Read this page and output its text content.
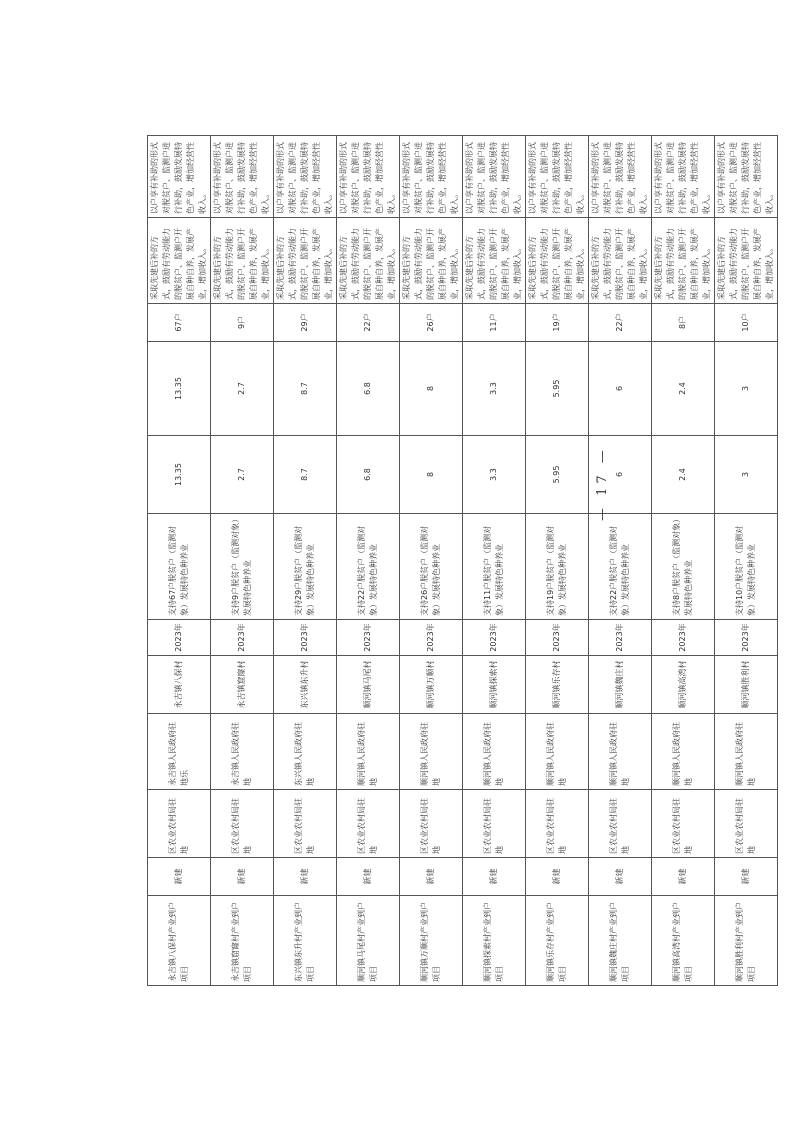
永吉镇八保村产业到户项目	新建	区农业农村局驻地	永吉镇人民政府驻地乐	永吉镇八保村	2023年	支持67户脱贫户（监测对象）发展特色种养业	13.35	13.35	67户	采取先建后补的方式，鼓励有劳动能力的脱贫户、监测户开展自种自养，发展产业，增加收入。	以户享有补助的形式对脱贫户、监测户进行补助，鼓励发展特色产业，增加经营性收入。
永吉镇窟窿村产业到户项目	新建	区农业农村局驻地	永吉镇人民政府驻地	永吉镇窟窿村	2023年	支持9户脱贫户（监测对象）发展特色种养业	2.7	2.7	9户	采取先建后补的方式，鼓励有劳动能力的脱贫户、监测户开展自种自养，发展产业，增加收入。	以户享有补助的形式对脱贫户、监测户进行补助，鼓励发展特色产业，增加经营性收入。
东兴镇东升村产业到户项目	新建	区农业农村局驻地	东兴镇人民政府驻地	东兴镇东升村	2023年	支持29户脱贫户（监测对象）发展特色种养业	8.7	8.7	29户	采取先建后补的方式，鼓励有劳动能力的脱贫户、监测户开展自种自养，发展产业，增加收入。	以户享有补助的形式对脱贫户、监测户进行补助，鼓励发展特色产业，增加经营性收入。
顺河镇马尾村产业到户项目	新建	区农业农村局驻地	顺河镇人民政府驻地	顺河镇马尾村	2023年	支持22户脱贫户（监测对象）发展特色种养业	6.8	6.8	22户	采取先建后补的方式，鼓励有劳动能力的脱贫户、监测户开展自种自养，发展产业，增加收入。	以户享有补助的形式对脱贫户、监测户进行补助，鼓励发展特色产业，增加经营性收入。
顺河镇万顺村产业到户项目	新建	区农业农村局驻地	顺河镇人民政府驻地	顺河镇万顺村	2023年	支持26户脱贫户（监测对象）发展特色种养业	8	8	26户	采取先建后补的方式，鼓励有劳动能力的脱贫户、监测户开展自种自养，发展产业，增加收入。	以户享有补助的形式对脱贫户、监测户进行补助，鼓励发展特色产业，增加经营性收入。
顺河镇探索村产业到户项目	新建	区农业农村局驻地	顺河镇人民政府驻地	顺河镇探索村	2023年	支持11户脱贫户（监测对象）发展特色种养业	3.3	3.3	11户	采取先建后补的方式，鼓励有劳动能力的脱贫户、监测户开展自种自养，发展产业，增加收入。	以户享有补助的形式对脱贫户、监测户进行补助，鼓励发展特色产业，增加经营性收入。
顺河镇乐存村产业到户项目	新建	区农业农村局驻地	顺河镇人民政府驻地	顺河镇乐存村	2023年	支持19户脱贫户（监测对象）发展特色种养业	5.95	5.95	19户	采取先建后补的方式，鼓励有劳动能力的脱贫户、监测户开展自种自养，发展产业，增加收入。	以户享有补助的形式对脱贫户、监测户进行补助，鼓励发展特色产业，增加经营性收入。
顺河镇魏庄村产业到户项目	新建	区农业农村局驻地	顺河镇人民政府驻地	顺河镇魏庄村	2023年	支持22户脱贫户（监测对象）发展特色种养业	6	6	22户	采取先建后补的方式，鼓励有劳动能力的脱贫户、监测户开展自种自养，发展产业，增加收入。	以户享有补助的形式对脱贫户、监测户进行补助，鼓励发展特色产业，增加经营性收入。
顺河镇高湾村产业到户项目	新建	区农业农村局驻地	顺河镇人民政府驻地	顺河镇高湾村	2023年	支持8户脱贫户（监测对象）发展特色种养业	2.4	2.4	8户	采取先建后补的方式，鼓励有劳动能力的脱贫户、监测户开展自种自养，发展产业，增加收入。	以户享有补助的形式对脱贫户、监测户进行补助，鼓励发展特色产业，增加经营性收入。
顺河镇胜利村产业到户项目	新建	区农业农村局驻地	顺河镇人民政府驻地	顺河镇胜利村	2023年	支持10户脱贫户（监测对象）发展特色种养业	3	3	10户	采取先建后补的方式，鼓励有劳动能力的脱贫户、监测户开展自种自养，发展产业，增加收入。	以户享有补助的形式对脱贫户、监测户进行补助，鼓励发展特色产业，增加经营性收入。
— 17 —
